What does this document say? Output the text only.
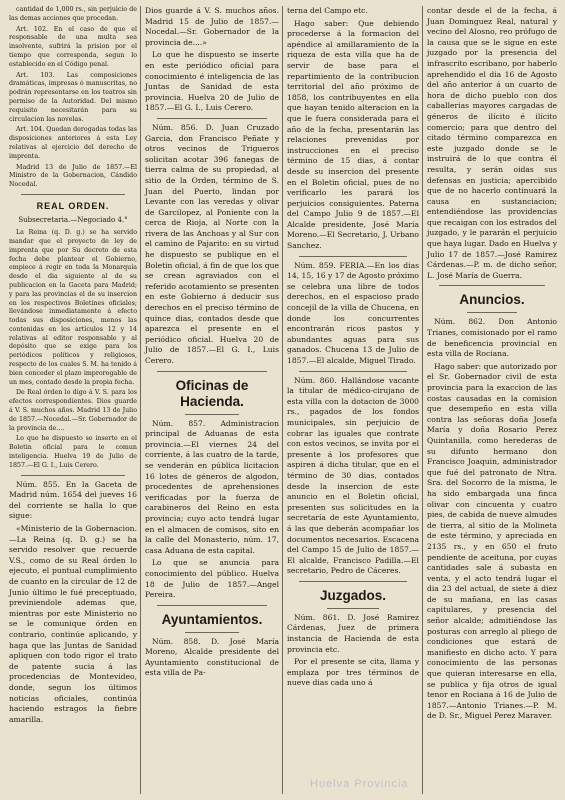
cantidad de 1,000 rs., sin perjuicio de las demas acciones que procedan.

Art. 102. En el caso de que el responsable de una multa sea insolvente, sufrirá la prision por el tiempo que corresponda, segun lo establecido en el Código penal.

Art. 103. Las composiciones dramáticas, impresas ó manuscritas, no podrán representarse en los teatros sin permiso de la Autoridad. Del mismo requisito necesitarán para su circulacion las novelas.

Art. 104. Quedan derogadas todas las disposiciones anteriores á esta Ley relativas al ejercicio del derecho de imprenta.

Madrid 13 de Julio de 1857.—El Ministro de la Gobernacion, Cándido Nocedal.

REAL ORDEN.
Subsecretaria.—Negociado 4.°

La Reina (q. D. g.) se ha servido mandar que el proyecto de ley de imprenta que por Su decreto de esta fecha debe plantear el Gobierno, empiece á regir en toda la Monarquía desde el dia siguiente al de su publicacion en la Gaceta para Madrid; y para las provincias el de su insercion en los respectivos Boletines oficiales; llevándose inmediatamente á efecto todas sus disposiciones, menos las contenidas en los artículos 12 y 14 relativas al editor responsable y al depósito que se exige para los periódicos políticos y religiosos, respecto de los cuales S. M. ha tenido á bien conceder el plazo improrogable de un mes, contado desde la propia fecha.

De Real órden lo digo á V. S. para los efectos correspondientes. Dios guarde á V. S. muchos años. Madrid 13 de Julio de 1857.—Nocedal.—Sr. Gobernador de la provincia de....

Lo que he dispuesto se inserte en el Boletin oficial para le comun inteligencia. Huelva 19 de Julio de 1857.—El G. I., Luis Cerero.

Núm. 855. En la Gaceta de Madrid núm. 1654 del jueves 16 del corriente se halla lo que sigue:

«Ministerio de la Gobernacion.—La Reina (q. D. g.) se ha servido resolver que recuerde V.S., como de su Real órden lo ejecuto, el puntual cumplimiento de cuanto en la circular de 12 de Junio último le fué preceptuado, previniendole ademas que, mientras por este Ministerio no se le comunique órden en contrario, continúe aplicando, y haga que las Juntas de Sanidad apliquen con todo rigor el trato de patente sucia á las procedencias de Montevideo, donde, segun los últimos noticias oficiales, continúa haciendo estragos la fiebre amarilla.

Dios guarde á V. S. muchos años. Madrid 15 de Julio de 1857.—Nocedal.—Sr. Gobernador de la provincia de....»

Lo que he dispuesto se inserte en este periódico oficial para conocimiento é inteligencia de las Juntas de Sanidad de esta provincia. Huelva 20 de Julio de 1857.—El G. I., Luis Cerero.

Núm. 856. D. Juan Cruzado Garcia, don Francisco Peñate y otros vecinos de Trigueros solicitan acotar 396 fanegas de tierra calma de su propiedad, al sitio de la Orden, término de S. Juan del Puerto, lindan por Levante con las veredas y olivar de Garcilopez, al Poniente con la cerca de Rioja, al Norte con la rivera de las Anchoas y al Sur con el camino de Pajarito: en su virtud he dispuesto se publique en el Boletin oficial, á fin de que los que se crean agraviados con el referido acotamiento se presenten en este Gobierno á deducir sus derechos en el preciso término de quince dias, contados desde que aparezca el presente en el periódico oficial. Huelva 20 de Julio de 1857.—El G. I., Luis Cerero.

Oficinas de Hacienda.

Núm. 857. Administracion principal de Aduanas de esta provincia.—El viernes 24 del corriente, á las cuatro de la tarde, se venderán en pública licitacion 16 lotes de géneros de algodon, procedentes de aprehensiones verificadas por la fuerza de carabineros del Reino en esta provincia; cuyo acto tendrá lugar en el almacen de comisos, sito en la calle del Monasterio, núm. 17, casa Aduana de esta capital.

Lo que se anuncia para conocimiento del público. Huelva 18 de Julio de 1857.—Angel Pereira.

Ayuntamientos.

Núm. 858. D. José María Moreno, Alcalde presidente del Ayuntamiento constitucional de esta villa de Pa-

terna del Campo etc.

Hago saber: Que debiendo procederse á la formacion del apéndice al amillaramiento de la riqueza de esta villa que ha de servir de base para el repartimiento de la contribucion territorial del año próximo de 1858, los contribuyentes en ella que hayan tenido alteracion en la que le fuera considerada para el año de la fecha, presentarán las relaciones prevenidas por instrucciones en el preciso término de 15 dias, á contar desde su insercion del presente en el Boletin oficial, pues de no verificarlo les parará los perjuicios consiguientes. Paterna del Campo Julio 9 de 1857.—El Alcalde presidente, José María Moreno.—El Secretario, J. Urbano Sanchez.

Núm. 859. FERIA.—En los dias 14, 15, 16 y 17 de Agosto próximo se celebra una libre de todos derechos, en el espacioso prado concejil de la villa de Chucena, en donde los concurrentes encontrarán ricos pastos y abundantes aguas para sus ganados. Chucena 13 de Julio de 1857.—El alcalde, Miguel Tirado.

Núm. 860. Hallándose vacante la titular de médico-cirujano de esta villa con la dotacion de 3000 rs., pagados de los fondos municipales, sin perjuicio de cobrar las iguales que contrate con estos vecinos, se invita por el presente á los profesores que aspiren á dicha titular, que en el término de 30 dias, contados desde la insercion de este anuncio en el Boletin oficial, presenten sus solicitudes en la secretaría de este Ayuntamiento, á las que deberán acompañar los documentos necesarios. Escacena del Campo 15 de Julio de 1857.—El alcalde, Francisco Padilla.—El secretario, Pedro de Cáceres.

Juzgados.

Núm. 861. D. José Ramirez Cárdenas, Juez de primera instancia de Hacienda de esta provincia etc.

Por el presente se cita, llama y emplaza por tres términos de nueve dias cada uno á

contar desde el de la fecha, á Juan Dominguez Real, natural y vecino del Alosno, reo prófugo de la causa que se le sigue en este juzgado por la presencia del infrascrito escribano, por haberlo aprehendido el dia 16 de Agosto del año anterior á un cuarto de hora de dicho pueblo con dos caballerias mayores cargadas de géneros de ilícito é ilícito comercio; para que dentro del citado término comparezca en este juzgado donde se le instruirá de lo que contra él resulta, y serán oidas sus defensas en justicia; apercibido que de no hacerlo continuará la causa en sustanciacion; entendiéndose las providencias que recaigan con los estrados del juzgado, y le pararán el perjuicio que haya lugar. Dado en Huelva y Julio 17 de 1857.—José Ramirez Cárdenas.—P. m. de dicho señor, L. José María de Guerra.

Anuncios.

Núm. 862. Don Antonio Trianes, comisionado por el ramo de beneficencia provincial en esta villa de Rociana.

Hago saber: que autorizado por el Sr. Gobernador civil de esta provincia para la exaccion de las costas causadas en la comision que desempeño en esta villa contra las señoras doña Josefa María y doña Rosario Perez Quintanilla, como herederas de su difunto hermano don Francisco Joaquin, administrador que fué del patronato de Ntra. Sra. del Socorro de la misma, le ha sido embargada una finca olivar con cincuenta y cuatro pies, de cabida de nueve almudes de tierra, al sitio de la Molineta de este término, y apreciada en 2135 rs., y en 650 el fruto pendiente de aceituna, por cuyas cantidades sale á subasta en venta, y el acto tendrá lugar el dia 23 del actual, de siete á diez de su mañana, en las casas capitulares, y presencia del señor alcalde; admitiéndose las posturas con arreglo al pliego de condiciones que estará de manifiesto en dicho acto. Y para conocimiento de las personas que quieran interesarse en ella, se publica y fija otros de igual tenor en Rociana á 16 de Julio de 1857.—Antonio Trianes.—P. M. de D. Sr., Miguel Perez Maraver.

Huelva Provincia
